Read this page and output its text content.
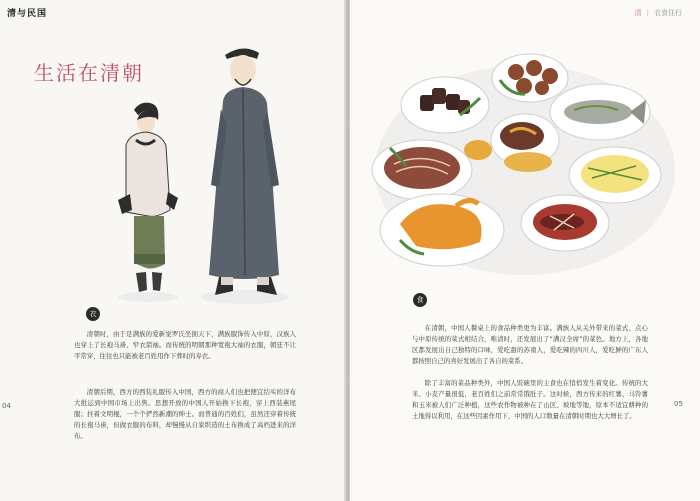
清与民国
生活在清朝
衣

清朝时，由于是满族的爱新觉罗氏坐拥天下，满族服饰传入中原，汉族人也穿上了长袍马褂、窄衣箭袖。而传统的明朝那种宽袍大袖的衣服，朝廷不让平常穿，往往也只能被老百姓用作下葬时的寿衣。

清朝后期，西方的西装礼服传入中国，西方的商人们也把便宜结实的洋布大批运到中国市场上出售。思想开放的中国人开始换下长袍，穿上西装燕尾服；拄着文明棍，一个个俨然新潮的绅士。而普通的百姓们，虽然还穿着传统的长袍马褂，但做衣服的布料，却慢慢从自家织造的土布换成了高档进来的洋布。

04
清 | 衣食住行
食

在清朝，中国人餐桌上的食品种类更为丰富。满族人从关外带来的菜式、点心与中原传统的菜式相结合，唯清时，还发展出了“满汉全席”的菜色。地方上，各地区都发展出自己独特的口味，爱吃甜的苏南人，爱吃辣的四川人，爱吃鲜的广东人都按照自己的喜好发展出了各自的菜系。

除了丰富的菜品种类外，中国人饭碗里的主食也在悄悄发生着变化。传统的大米、小麦产量很低，老百姓们之前常常饿肚子。这时候，西方传来的红薯、马铃薯和玉米被人们广泛种植，这些农作物被种在了山区、坡地等地，原本不适宜耕种的土地得以利用，在这些因素作用下，中国的人口数量在清朝时期也大大增长了。

05
